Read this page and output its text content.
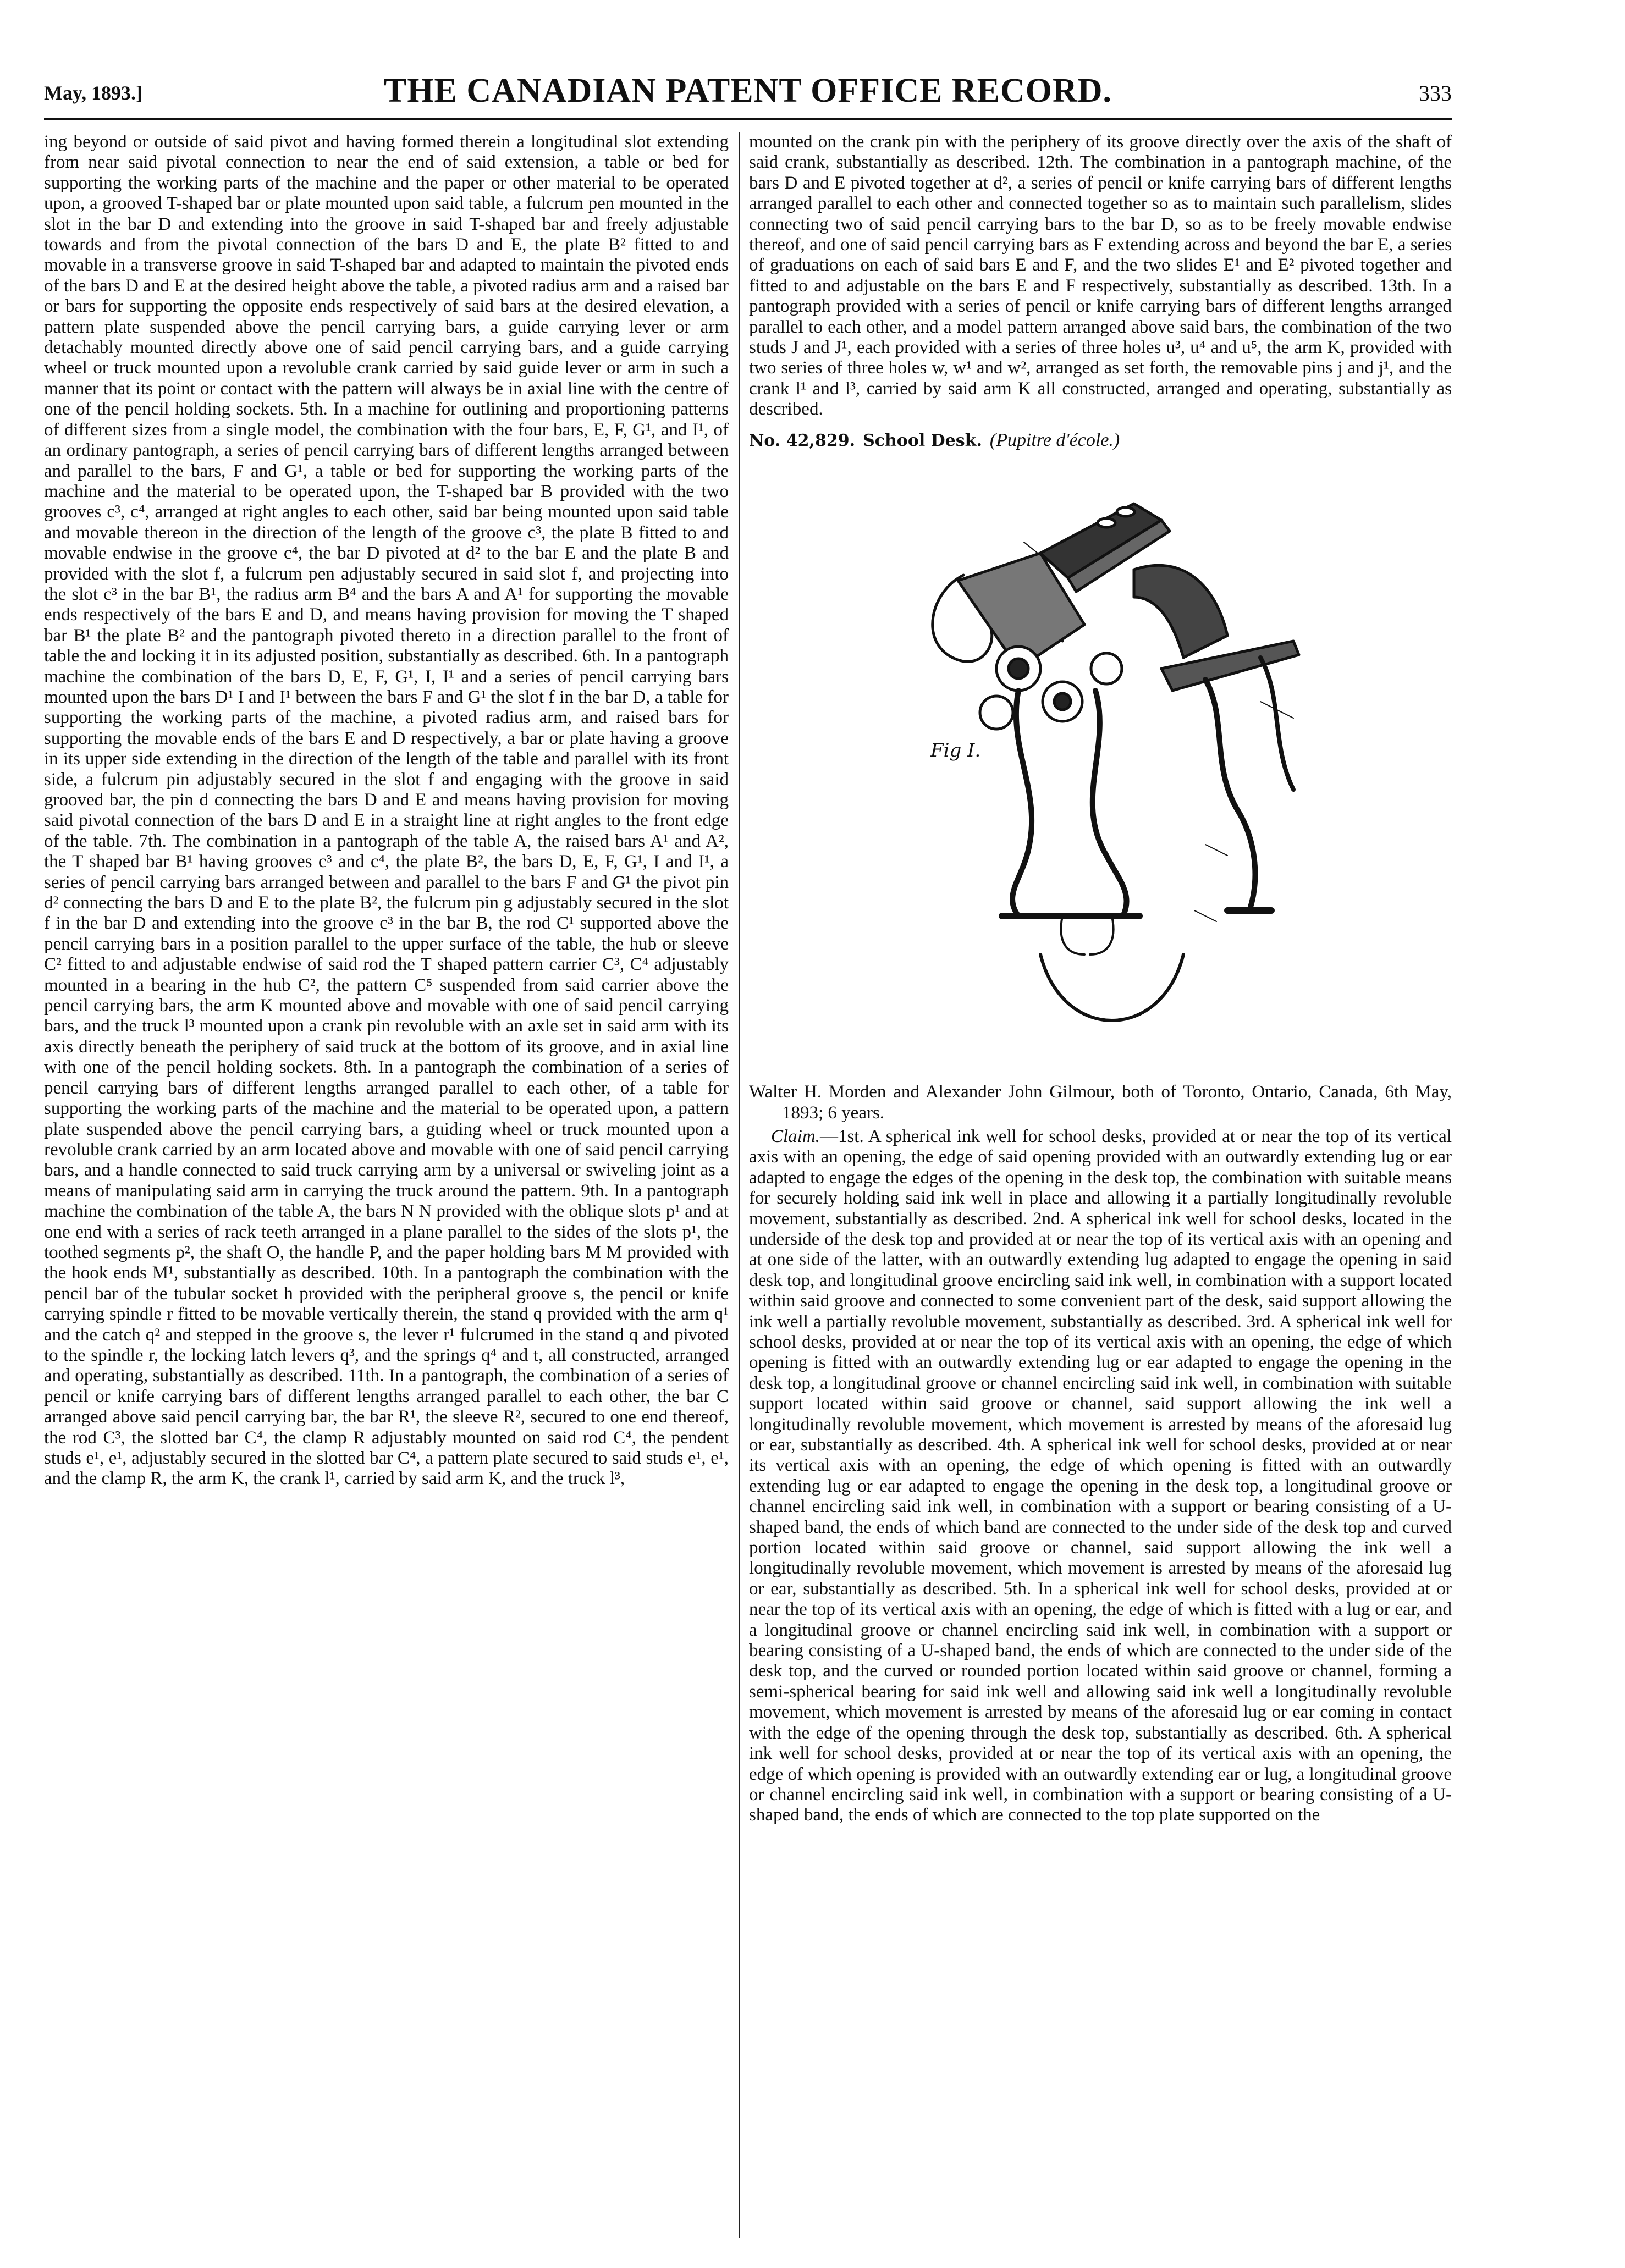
May, 1893.]	THE CANADIAN PATENT OFFICE RECORD.	333

ing beyond or outside of said pivot and having formed therein a longitudinal slot extending from near said pivotal connection to near the end of said extension, a table or bed for supporting the working parts of the machine and the paper or other material to be operated upon, a grooved T-shaped bar or plate mounted upon said table, a fulcrum pen mounted in the slot in the bar D and extending into the groove in said T-shaped bar and freely adjustable towards and from the pivotal connection of the bars D and E, the plate B² fitted to and movable in a transverse groove in said T-shaped bar and adapted to maintain the pivoted ends of the bars D and E at the desired height above the table, a pivoted radius arm and a raised bar or bars for supporting the opposite ends respectively of said bars at the desired elevation, a pattern plate suspended above the pencil carrying bars, a guide carrying lever or arm detachably mounted directly above one of said pencil carrying bars, and a guide carrying wheel or truck mounted upon a revoluble crank carried by said guide lever or arm in such a manner that its point or contact with the pattern will always be in axial line with the centre of one of the pencil holding sockets. 5th. In a machine for outlining and proportioning patterns of different sizes from a single model, the combination with the four bars, E, F, G¹, and I¹, of an ordinary pantograph, a series of pencil carrying bars of different lengths arranged between and parallel to the bars, F and G¹, a table or bed for supporting the working parts of the machine and the material to be operated upon, the T-shaped bar B provided with the two grooves c³, c⁴, arranged at right angles to each other, said bar being mounted upon said table and movable thereon in the direction of the length of the groove c³, the plate B fitted to and movable endwise in the groove c⁴, the bar D pivoted at d² to the bar E and the plate B and provided with the slot f, a fulcrum pen adjustably secured in said slot f, and projecting into the slot c³ in the bar B¹, the radius arm B⁴ and the bars A and A¹ for supporting the movable ends respectively of the bars E and D, and means having provision for moving the T shaped bar B¹ the plate B² and the pantograph pivoted thereto in a direction parallel to the front of table the and locking it in its adjusted position, substantially as described. 6th. In a pantograph machine the combination of the bars D, E, F, G¹, I, I¹ and a series of pencil carrying bars mounted upon the bars D¹ I and I¹ between the bars F and G¹ the slot f in the bar D, a table for supporting the working parts of the machine, a pivoted radius arm, and raised bars for supporting the movable ends of the bars E and D respectively, a bar or plate having a groove in its upper side extending in the direction of the length of the table and parallel with its front side, a fulcrum pin adjustably secured in the slot f and engaging with the groove in said grooved bar, the pin d connecting the bars D and E and means having provision for moving said pivotal connection of the bars D and E in a straight line at right angles to the front edge of the table. 7th. The combination in a pantograph of the table A, the raised bars A¹ and A², the T shaped bar B¹ having grooves c³ and c⁴, the plate B², the bars D, E, F, G¹, I and I¹, a series of pencil carrying bars arranged between and parallel to the bars F and G¹ the pivot pin d² connecting the bars D and E to the plate B², the fulcrum pin g adjustably secured in the slot f in the bar D and extending into the groove c³ in the bar B, the rod C¹ supported above the pencil carrying bars in a position parallel to the upper surface of the table, the hub or sleeve C² fitted to and adjustable endwise of said rod the T shaped pattern carrier C³, C⁴ adjustably mounted in a bearing in the hub C², the pattern C⁵ suspended from said carrier above the pencil carrying bars, the arm K mounted above and movable with one of said pencil carrying bars, and the truck l³ mounted upon a crank pin revoluble with an axle set in said arm with its axis directly beneath the periphery of said truck at the bottom of its groove, and in axial line with one of the pencil holding sockets. 8th. In a pantograph the combination of a series of pencil carrying bars of different lengths arranged parallel to each other, of a table for supporting the working parts of the machine and the material to be operated upon, a pattern plate suspended above the pencil carrying bars, a guiding wheel or truck mounted upon a revoluble crank carried by an arm located above and movable with one of said pencil carrying bars, and a handle connected to said truck carrying arm by a universal or swiveling joint as a means of manipulating said arm in carrying the truck around the pattern. 9th. In a pantograph machine the combination of the table A, the bars N N provided with the oblique slots p¹ and at one end with a series of rack teeth arranged in a plane parallel to the sides of the slots p¹, the toothed segments p², the shaft O, the handle P, and the paper holding bars M M provided with the hook ends M¹, substantially as described. 10th. In a pantograph the combination with the pencil bar of the tubular socket h provided with the peripheral groove s, the pencil or knife carrying spindle r fitted to be movable vertically therein, the stand q provided with the arm q¹ and the catch q² and stepped in the groove s, the lever r¹ fulcrumed in the stand q and pivoted to the spindle r, the locking latch levers q³, and the springs q⁴ and t, all constructed, arranged and operating, substantially as described. 11th. In a pantograph, the combination of a series of pencil or knife carrying bars of different lengths arranged parallel to each other, the bar C arranged above said pencil carrying bar, the bar R¹, the sleeve R², secured to one end thereof, the rod C³, the slotted bar C⁴, the clamp R adjustably mounted on said rod C⁴, the pendent studs e¹, e¹, adjustably secured in the slotted bar C⁴, a pattern plate secured to said studs e¹, e¹, and the clamp R, the arm K, the crank l¹, carried by said arm K, and the truck l³,

mounted on the crank pin with the periphery of its groove directly over the axis of the shaft of said crank, substantially as described. 12th. The combination in a pantograph machine, of the bars D and E pivoted together at d², a series of pencil or knife carrying bars of different lengths arranged parallel to each other and connected together so as to maintain such parallelism, slides connecting two of said pencil carrying bars to the bar D, so as to be freely movable endwise thereof, and one of said pencil carrying bars as F extending across and beyond the bar E, a series of graduations on each of said bars E and F, and the two slides E¹ and E² pivoted together and fitted to and adjustable on the bars E and F respectively, substantially as described. 13th. In a pantograph provided with a series of pencil or knife carrying bars of different lengths arranged parallel to each other, and a model pattern arranged above said bars, the combination of the two studs J and J¹, each provided with a series of three holes u³, u⁴ and u⁵, the arm K, provided with two series of three holes w, w¹ and w², arranged as set forth, the removable pins j and j¹, and the crank l¹ and l³, carried by said arm K all constructed, arranged and operating, substantially as described.

No. 42,829. School Desk. (Pupitre d'école.)

Fig I.

Walter H. Morden and Alexander John Gilmour, both of Toronto, Ontario, Canada, 6th May, 1893; 6 years.

Claim.—1st. A spherical ink well for school desks, provided at or near the top of its vertical axis with an opening, the edge of said opening provided with an outwardly extending lug or ear adapted to engage the edges of the opening in the desk top, the combination with suitable means for securely holding said ink well in place and allowing it a partially longitudinally revoluble movement, substantially as described. 2nd. A spherical ink well for school desks, located in the underside of the desk top and provided at or near the top of its vertical axis with an opening and at one side of the latter, with an outwardly extending lug adapted to engage the opening in said desk top, and longitudinal groove encircling said ink well, in combination with a support located within said groove and connected to some convenient part of the desk, said support allowing the ink well a partially revoluble movement, substantially as described. 3rd. A spherical ink well for school desks, provided at or near the top of its vertical axis with an opening, the edge of which opening is fitted with an outwardly extending lug or ear adapted to engage the opening in the desk top, a longitudinal groove or channel encircling said ink well, in combination with suitable support located within said groove or channel, said support allowing the ink well a longitudinally revoluble movement, which movement is arrested by means of the aforesaid lug or ear, substantially as described. 4th. A spherical ink well for school desks, provided at or near its vertical axis with an opening, the edge of which opening is fitted with an outwardly extending lug or ear adapted to engage the opening in the desk top, a longitudinal groove or channel encircling said ink well, in combination with a support or bearing consisting of a U-shaped band, the ends of which band are connected to the under side of the desk top and curved portion located within said groove or channel, said support allowing the ink well a longitudinally revoluble movement, which movement is arrested by means of the aforesaid lug or ear, substantially as described. 5th. In a spherical ink well for school desks, provided at or near the top of its vertical axis with an opening, the edge of which is fitted with a lug or ear, and a longitudinal groove or channel encircling said ink well, in combination with a support or bearing consisting of a U-shaped band, the ends of which are connected to the under side of the desk top, and the curved or rounded portion located within said groove or channel, forming a semi-spherical bearing for said ink well and allowing said ink well a longitudinally revoluble movement, which movement is arrested by means of the aforesaid lug or ear coming in contact with the edge of the opening through the desk top, substantially as described. 6th. A spherical ink well for school desks, provided at or near the top of its vertical axis with an opening, the edge of which opening is provided with an outwardly extending ear or lug, a longitudinal groove or channel encircling said ink well, in combination with a support or bearing consisting of a U-shaped band, the ends of which are connected to the top plate supported on the
